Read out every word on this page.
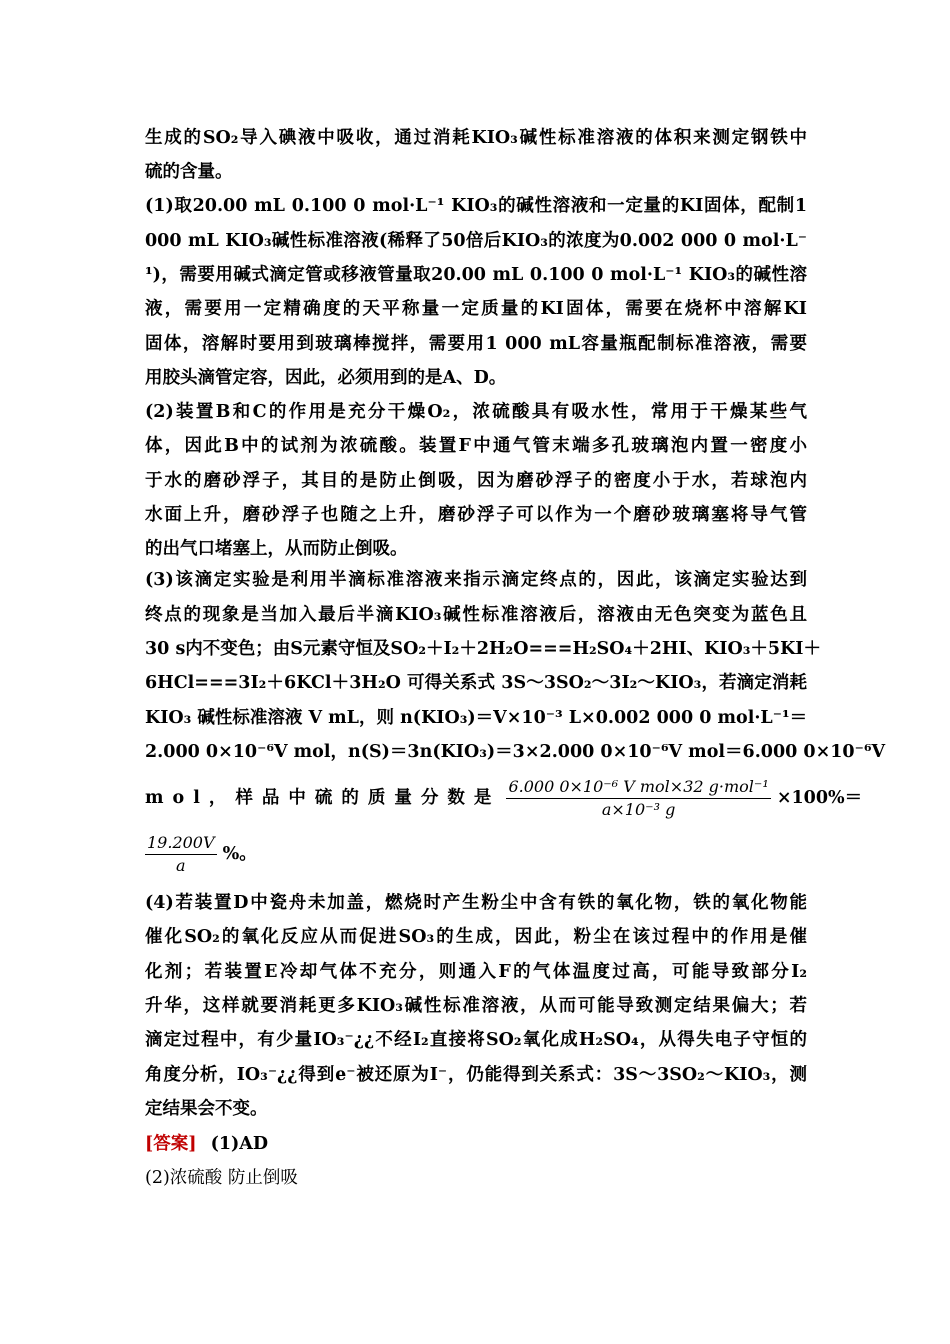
生成的SO₂导入碘液中吸收，通过消耗KIO₃碱性标准溶液的体积来测定钢铁中
硫的含量。
(1)取20.00 mL 0.100 0 mol·L⁻¹ KIO₃的碱性溶液和一定量的KI固体，配制1
000 mL KIO₃碱性标准溶液(稀释了50倍后KIO₃的浓度为0.002 000 0 mol·L⁻
¹)，需要用碱式滴定管或移液管量取20.00 mL 0.100 0 mol·L⁻¹ KIO₃的碱性溶
液，需要用一定精确度的天平称量一定质量的KI固体，需要在烧杯中溶解KI
固体，溶解时要用到玻璃棒搅拌，需要用1 000 mL容量瓶配制标准溶液，需要
用胶头滴管定容，因此，必须用到的是A、D。
(2)装置B和C的作用是充分干燥O₂，浓硫酸具有吸水性，常用于干燥某些气
体，因此B中的试剂为浓硫酸。装置F中通气管末端多孔玻璃泡内置一密度小
于水的磨砂浮子，其目的是防止倒吸，因为磨砂浮子的密度小于水，若球泡内
水面上升，磨砂浮子也随之上升，磨砂浮子可以作为一个磨砂玻璃塞将导气管
的出气口堵塞上，从而防止倒吸。
(3)该滴定实验是利用半滴标准溶液来指示滴定终点的，因此，该滴定实验达到
终点的现象是当加入最后半滴KIO₃碱性标准溶液后，溶液由无色突变为蓝色且
30 s内不变色；由S元素守恒及SO₂＋I₂＋2H₂O===H₂SO₄＋2HI、KIO₃＋5KI＋
6HCl===3I₂＋6KCl＋3H₂O 可得关系式 3S～3SO₂～3I₂～KIO₃，若滴定消耗
KIO₃ 碱性标准溶液 V mL，则 n(KIO₃)＝V×10⁻³ L×0.002 000 0 mol·L⁻¹＝
2.000 0×10⁻⁶V mol，n(S)＝3n(KIO₃)＝3×2.000 0×10⁻⁶V mol＝6.000 0×10⁻⁶V
mol，样品中硫的质量分数是 $\frac{\text{6.000 0×10⁻⁶ V mol×32 g·mol⁻¹}}{\text{a×10⁻³ g}} \times 100\%=$
$\frac{19.200V}{a}$ %。
(4)若装置D中瓷舟未加盖，燃烧时产生粉尘中含有铁的氧化物，铁的氧化物能
催化SO₂的氧化反应从而促进SO₃的生成，因此，粉尘在该过程中的作用是催
化剂；若装置E冷却气体不充分，则通入F的气体温度过高，可能导致部分I₂
升华，这样就要消耗更多KIO₃碱性标准溶液，从而可能导致测定结果偏大；若
滴定过程中，有少量IO₃⁻¿¿不经I₂直接将SO₂氧化成H₂SO₄，从得失电子守恒的
角度分析，IO₃⁻¿¿得到e⁻被还原为I⁻，仍能得到关系式：3S～3SO₂～KIO₃，测
定结果会不变。
[答案] (1)AD
(2)浓硫酸 防止倒吸
